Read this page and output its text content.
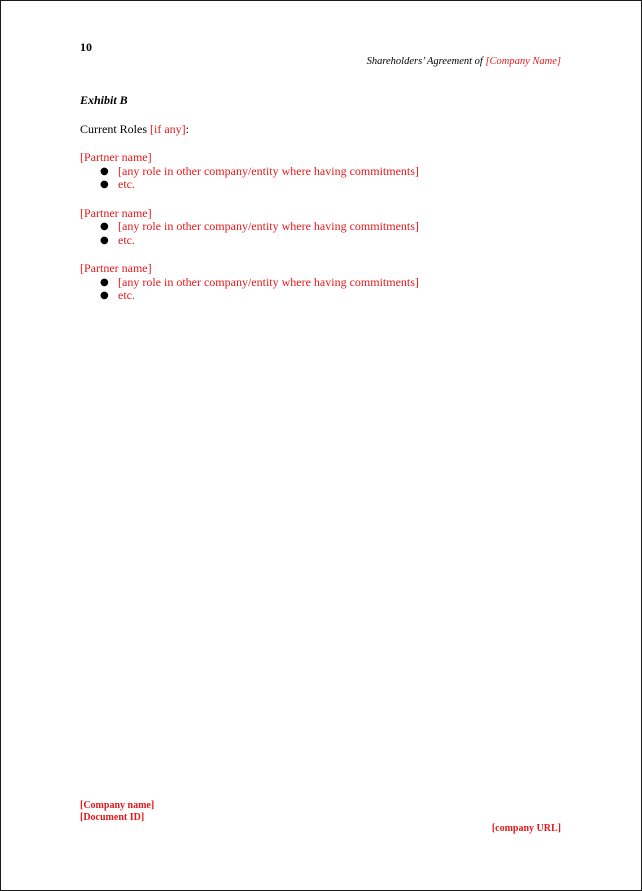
10
Shareholders’ Agreement of [Company Name]
Exhibit B
Current Roles [if any]:
[Partner name]
● [any role in other company/entity where having commitments]
● etc.
[Partner name]
● [any role in other company/entity where having commitments]
● etc.
[Partner name]
● [any role in other company/entity where having commitments]
● etc.
[Company name]
[Document ID]
[company URL]
